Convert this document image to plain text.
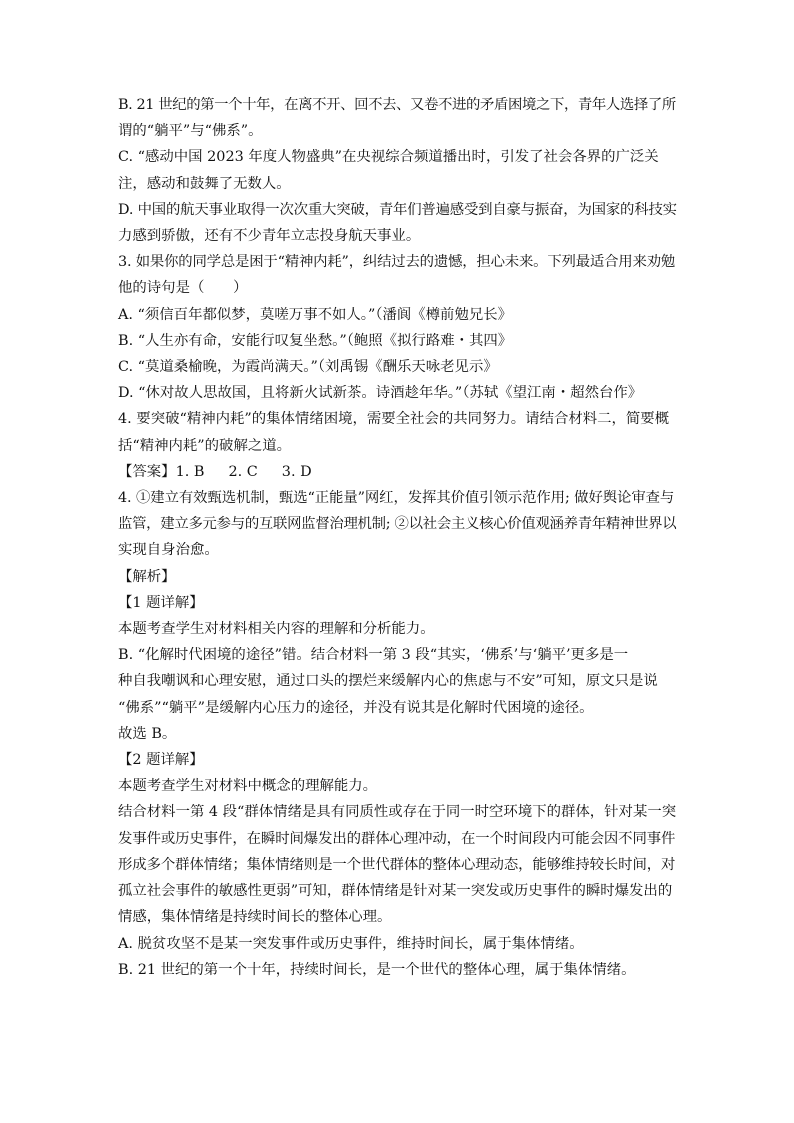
B. 21 世纪的第一个十年，在离不开、回不去、又卷不进的矛盾困境之下，青年人选择了所

谓的“躺平”与“佛系”。

C. “感动中国 2023 年度人物盛典”在央视综合频道播出时，引发了社会各界的广泛关

注，感动和鼓舞了无数人。

D. 中国的航天事业取得一次次重大突破，青年们普遍感受到自豪与振奋，为国家的科技实

力感到骄傲，还有不少青年立志投身航天事业。

3. 如果你的同学总是困于“精神内耗”，纠结过去的遗憾，担心未来。下列最适合用来劝勉

他的诗句是（　　）

A. “须信百年都似梦，莫嗟万事不如人。”（潘阆《樽前勉兄长》

B. “人生亦有命，安能行叹复坐愁。”（鲍照《拟行路难・其四》

C. “莫道桑榆晚，为霞尚满天。”（刘禹锡《酬乐天咏老见示》

D. “休对故人思故国，且将新火试新茶。诗酒趁年华。”（苏轼《望江南・超然台作》

4. 要突破“精神内耗”的集体情绪困境，需要全社会的共同努力。请结合材料二，简要概

括“精神内耗”的破解之道。

【答案】1. B 2. C 3. D

4. ①建立有效甄选机制，甄选“正能量”网红，发挥其价值引领示范作用; 做好舆论审查与

监管，建立多元参与的互联网监督治理机制; ②以社会主义核心价值观涵养青年精神世界以

实现自身治愈。

【解析】

【1 题详解】

本题考查学生对材料相关内容的理解和分析能力。

B. “化解时代困境的途径”错。结合材料一第 3 段“其实，‘佛系’与‘躺平’更多是一

种自我嘲讽和心理安慰，通过口头的摆烂来缓解内心的焦虑与不安”可知，原文只是说

“佛系”“躺平”是缓解内心压力的途径，并没有说其是化解时代困境的途径。

故选 B。

【2 题详解】

本题考查学生对材料中概念的理解能力。

结合材料一第 4 段“群体情绪是具有同质性或存在于同一时空环境下的群体，针对某一突

发事件或历史事件，在瞬时间爆发出的群体心理冲动，在一个时间段内可能会因不同事件

形成多个群体情绪；集体情绪则是一个世代群体的整体心理动态，能够维持较长时间，对

孤立社会事件的敏感性更弱”可知，群体情绪是针对某一突发或历史事件的瞬时爆发出的

情感，集体情绪是持续时间长的整体心理。

A. 脱贫攻坚不是某一突发事件或历史事件，维持时间长，属于集体情绪。

B. 21 世纪的第一个十年，持续时间长，是一个世代的整体心理，属于集体情绪。
